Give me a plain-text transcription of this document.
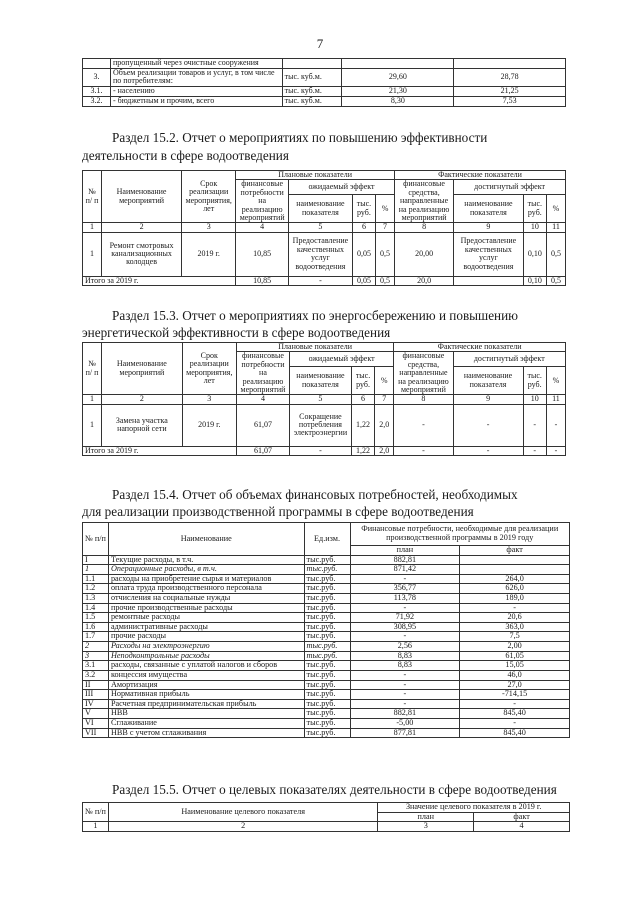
7
	пропущенный через очистные сооружения			
3.	Объем реализации товаров и услуг, в том числе по потребителям:	тыс. куб.м.	29,60	28,78
3.1.	- населению	тыс. куб.м.	21,30	21,25
3.2.	- бюджетным и прочим, всего	тыс. куб.м.	8,30	7,53
Раздел 15.2. Отчет о мероприятиях по повышению эффективности
деятельности в сфере водоотведения
№ п/ п	Наименование мероприятий	Срок реализации мероприятия, лет	Плановые показатели				Фактические показатели			
			финансовые потребности на реализацию мероприятий	ожидаемый эффект			финансовые средства, направленные на реализацию мероприятий	достигнутый эффект		
				наименование показателя	тыс. руб.	%		наименование показателя	тыс. руб.	%
1	2	3	4	5	6	7	8	9	10	11
1	Ремонт смотровых канализационных колодцев	2019 г.	10,85	Предоставление качественных услуг водоотведения	0,05	0,5	20,00	Предоставление качественных услуг водоотведения	0,10	0,5
Итого за 2019 г.			10,85	-	0,05	0,5	20,0		0,10	0,5
Раздел 15.3. Отчет о мероприятиях по энергосбережению и повышению
энергетической эффективности в сфере водоотведения
№ п/ п	Наименование мероприятий	Срок реализации мероприятия, лет	Плановые показатели				Фактические показатели			
			финансовые потребности на реализацию мероприятий	ожидаемый эффект			финансовые средства, направленные на реализацию мероприятий	достигнутый эффект		
				наименование показателя	тыс. руб.	%		наименование показателя	тыс. руб.	%
1	2	3	4	5	6	7	8	9	10	11
1	Замена участка напорной сети	2019 г.	61,07	Сокращение потребления электроэнергии	1,22	2,0	-	-	-	-
Итого за 2019 г.			61,07	-	1,22	2,0	-	-	-	-
Раздел 15.4. Отчет об объемах финансовых потребностей, необходимых
для реализации производственной программы в сфере водоотведения
№ п/п	Наименование	Ед.изм.	Финансовые потребности, необходимые для реализации производственной программы в 2019 году	
			план	факт
I	Текущие расходы, в т.ч.	тыс.руб.	882,81	
1	Операционные расходы, в т.ч.	тыс.руб.	871,42	
1.1	расходы на приобретение сырья и материалов	тыс.руб.	-	264,0
1.2	оплата труда производственного персонала	тыс.руб.	356,77	626,0
1.3	отчисления на социальные нужды	тыс.руб.	113,78	189,0
1.4	прочие производственные расходы	тыс.руб.	-	-
1.5	ремонтные расходы	тыс.руб.	71,92	20,6
1.6	административные расходы	тыс.руб.	308,95	363,0
1.7	прочие расходы	тыс.руб.	-	7,5
2	Расходы на электроэнергию	тыс.руб.	2,56	2,00
3	Неподконтрольные расходы	тыс.руб.	8,83	61,05
3.1	расходы, связанные с уплатой налогов и сборов	тыс.руб.	8,83	15,05
3.2	концессия имущества	тыс.руб.	-	46,0
II	Амортизация	тыс.руб.	-	27,0
III	Нормативная прибыль	тыс.руб.	-	-714,15
IV	Расчетная предпринимательская прибыль	тыс.руб.	-	-
V	НВВ	тыс.руб.	882,81	845,40
VI	Сглаживание	тыс.руб.	-5,00	-
VII	НВВ с учетом сглаживания	тыс.руб.	877,81	845,40
Раздел 15.5. Отчет о целевых показателях деятельности в сфере водоотведения
№ п/п	Наименование целевого показателя	Значение целевого показателя в 2019 г.	
		план	факт
1	2	3	4
